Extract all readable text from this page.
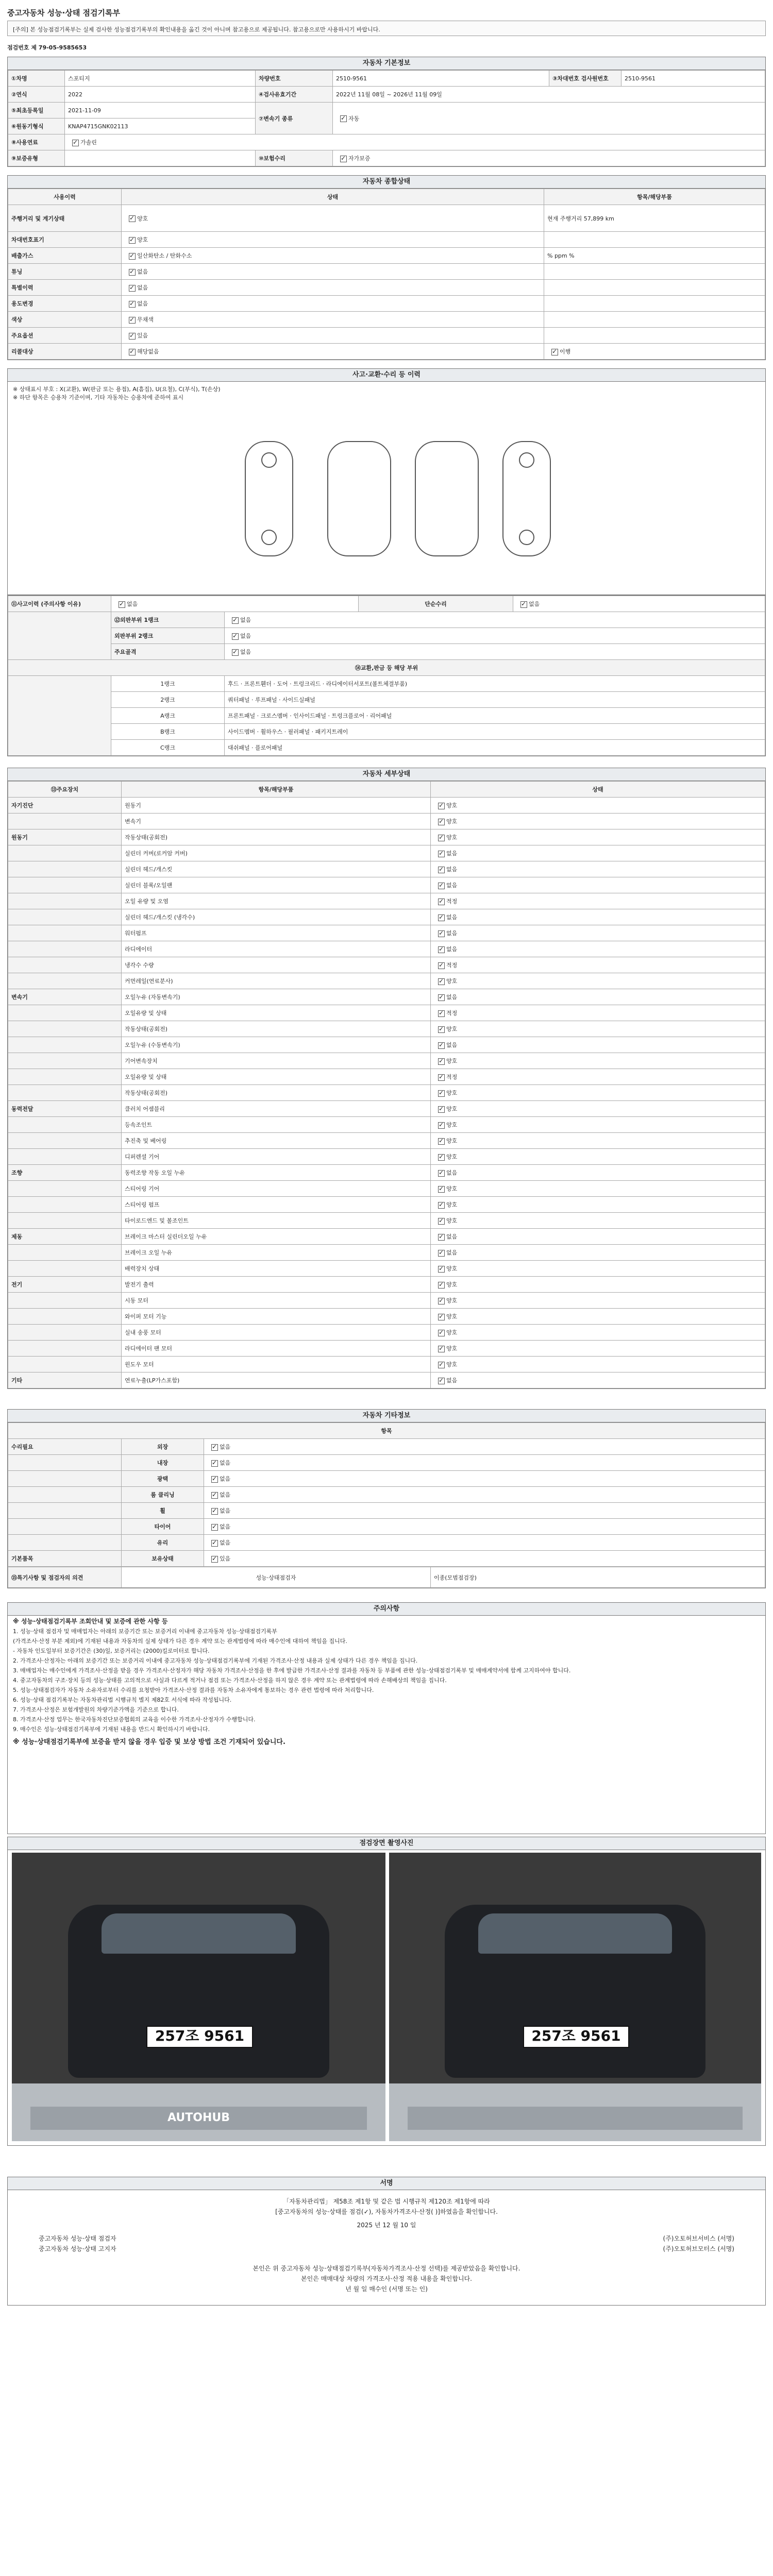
중고자동차 성능·상태 점검기록부
[주의] 본 성능점검기록부는 실제 검사한 성능점검기록부의 확인내용을 옮긴 것이 아니며 참고용으로 제공됩니다. 참고용으로만 사용하시기 바랍니다.
점검번호 제 79-05-9585653
자동차 기본정보
①차명	스포티지	차량번호	2510-9561	③차대번호 검사원번호	2510-9561
②연식	2022	④검사유효기간	2022년 11월 08일 ~ 2026년 11월 09일		
⑤최초등록일	2021-11-09	⑦변속기 종류	✓자동
⑥원동기형식	KNAP4715GNK02113				
⑧사용연료	✓가솔린
⑨보증유형		⑩보험수리	✓자가보증
자동차 종합상태
사용이력	상태	항목/해당부품
주행거리 및 계기상태	✓양호	현재 주행거리 57,899 km
차대번호표기	✓양호	
배출가스	✓일산화탄소 / 탄화수소	% ppm %
튜닝	✓없음	
특별이력	✓없음	
용도변경	✓없음	
색상	✓무채색	
주요옵션	✓있음	
리콜대상	✓해당없음	✓이행
사고·교환·수리 등 이력
※ 상태표시 부호 : X(교환), W(판금 또는 용접), A(흠집), U(요철), C(부식), T(손상)
※ 하단 항목은 승용차 기준이며, 기타 자동차는 승용차에 준하여 표시
⑪사고이력 (주의사항 이유)	✓없음		단순수리	✓없음
	⑫외판부위 1랭크	✓없음
	외판부위 2랭크	✓없음
	주요골격	✓없음
⑭교환,판금 등 해당 부위				
	1랭크	후드 · 프론트휀더 · 도어 · 트렁크리드 · 라디에이터서포트(볼트체결부품)		
	2랭크	쿼터패널 · 루프패널 · 사이드실패널		
	A랭크	프론트패널 · 크로스멤버 · 인사이드패널 · 트렁크플로어 · 리어패널		
	B랭크	사이드멤버 · 휠하우스 · 필러패널 · 패키지트레이		
	C랭크	대쉬패널 · 플로어패널		
자동차 세부상태
⑬주요장치	항목/해당부품	상태
자기진단	원동기	✓양호
	변속기	✓양호
원동기	작동상태(공회전)	✓양호
	실린더 커버(로커암 커버)	✓없음
	실린더 헤드/개스킷	✓없음
	실린더 블록/오일팬	✓없음
	오일 유량 및 오염	✓적정
	실린더 헤드/개스킷 (냉각수)	✓없음
	워터펌프	✓없음
	라디에이터	✓없음
	냉각수 수량	✓적정
	커먼레일(연료분사)	✓양호
변속기	오일누유 (자동변속기)	✓없음
	오일유량 및 상태	✓적정
	작동상태(공회전)	✓양호
	오일누유 (수동변속기)	✓없음
	기어변속장치	✓양호
	오일유량 및 상태	✓적정
	작동상태(공회전)	✓양호
동력전달	클러치 어셈블리	✓양호
	등속조인트	✓양호
	추진축 및 베어링	✓양호
	디퍼렌셜 기어	✓양호
조향	동력조향 작동 오일 누유	✓없음
	스티어링 기어	✓양호
	스티어링 펌프	✓양호
	타이로드엔드 및 볼조인트	✓양호
제동	브레이크 마스터 실린더오일 누유	✓없음
	브레이크 오일 누유	✓없음
	배력장치 상태	✓양호
전기	발전기 출력	✓양호
	시동 모터	✓양호
	와이퍼 모터 기능	✓양호
	실내 송풍 모터	✓양호
	라디에이터 팬 모터	✓양호
	윈도우 모터	✓양호
기타	연료누출(LP가스포함)	✓없음
자동차 기타정보
항목		
수리필요	외장	✓없음
	내장	✓없음
	광택	✓없음
	룸 클리닝	✓없음
	휠	✓없음
	타이어	✓없음
	유리	✓없음
기본품목	보유상태	✓있음
⑮특기사항 및 점검자의 의견	성능·상태점검자	이종(모범점검장)
주의사항

※ 성능·상태점검기록부 조회안내 및 보증에 관한 사항 등

1. 성능·상태 점검자 및 매매업자는 아래의 보증기간 또는 보증거리 이내에 중고자동차 성능·상태점검기록부

(가격조사·산정 부분 제외)에 기재된 내용과 자동차의 실제 상태가 다른 경우 계약 또는 관계법령에 따라 매수인에 대하여 책임을 집니다.

- 자동차 인도일부터 보증기간은 (30)일, 보증거리는 (2000)킬로미터로 합니다.

2. 가격조사·산정자는 아래의 보증기간 또는 보증거리 이내에 중고자동차 성능·상태점검기록부에 기재된 가격조사·산정 내용과 실제 상태가 다른 경우 책임을 집니다.

3. 매매업자는 매수인에게 가격조사·산정을 받을 경우 가격조사·산정자가 해당 자동차 가격조사·산정을 한 후에 발급한 가격조사·산정 결과를 자동차 등 부품에 관한 성능·상태점검기록부 및 매매계약서에 함께 고지하여야 합니다.

4. 중고자동차의 구조·장치 등의 성능·상태를 고의적으로 사실과 다르게 적거나 점검 또는 가격조사·산정을 하지 않은 경우 계약 또는 관계법령에 따라 손해배상의 책임을 집니다.

5. 성능·상태점검자가 자동차 소유자로부터 수리를 요청받아 가격조사·산정 결과를 자동차 소유자에게 통보하는 경우 관련 법령에 따라 처리합니다.

6. 성능·상태 점검기록부는 자동차관리법 시행규칙 별지 제82호 서식에 따라 작성됩니다.

7. 가격조사·산정은 보험개발원의 차량기준가액을 기준으로 합니다.

8. 가격조사·산정 업무는 한국자동차진단보증협회의 교육을 이수한 가격조사·산정자가 수행합니다.

9. 매수인은 성능·상태점검기록부에 기재된 내용을 반드시 확인하시기 바랍니다.

※ 성능·상태점검기록부에 보증을 받지 않을 경우 입증 및 보상 방법 조건 기재되어 있습니다.

점검장면 촬영사진
257조 9561
AUTOHUB
257조 9561
서명
「자동차관리법」 제58조 제1항 및 같은 법 시행규칙 제120조 제1항에 따라
[중고자동차의 성능·상태를 점검(✓), 자동차가격조사·산정( )]하였음을 확인합니다.
2025 년 12 월 10 일
중고자동차 성능·상태 점검자	(주)오토허브서비스 (서명)
중고자동차 성능·상태 고지자	(주)오토허브모터스 (서명)
본인은 위 중고자동차 성능·상태점검기록부(자동차가격조사·산정 선택)를 제공받았음을 확인합니다.
본인은 매매대상 차량의 가격조사·산정 적용 내용을 확인합니다.
년 월 일 매수인 (서명 또는 인)
